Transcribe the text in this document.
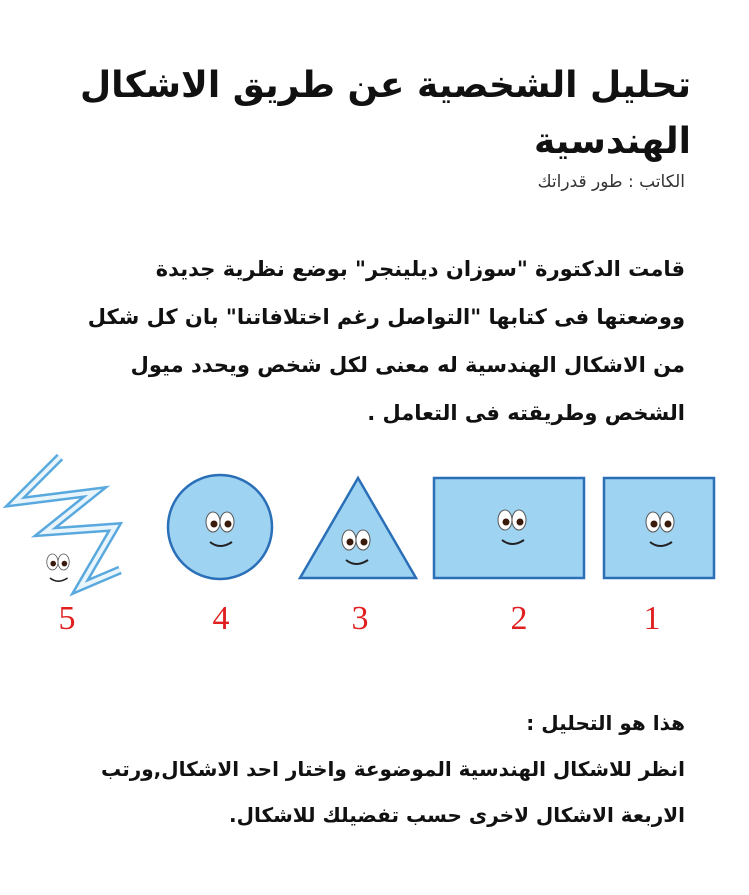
تحليل الشخصية عن طريق الاشكال الهندسية

الكاتب : طور قدراتك

قامت الدكتورة "سوزان ديلينجر" بوضع نظرية جديدة ووضعتها فى كتابها "التواصل رغم اختلافاتنا" بان كل شكل من الاشكال الهندسية له معنى لكل شخص ويحدد ميول الشخص وطريقته فى التعامل .

1
2
3
4
5

هذا هو التحليل :

انظر للاشكال الهندسية الموضوعة واختار احد الاشكال,ورتب الاربعة الاشكال لاخرى حسب تفضيلك للاشكال.
